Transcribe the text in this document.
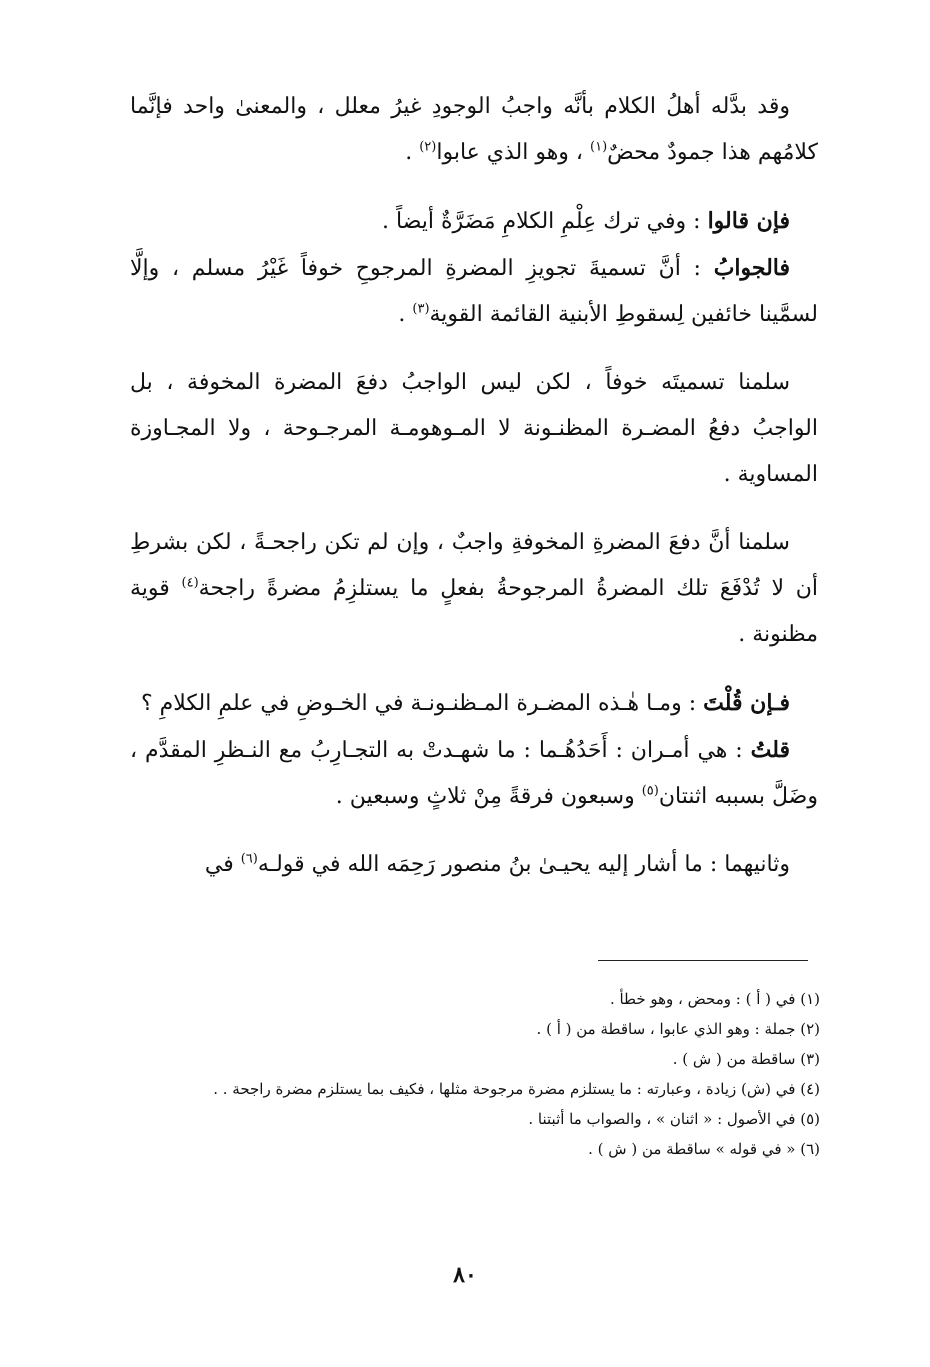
وقد بدَّله أهلُ الكلام بأنَّه واجبُ الوجودِ غيرُ معلل ، والمعنىٰ واحد فإنَّما كلامُهم هذا جمودٌ محضٌ$^{(١)}$ ، وهو الذي عابوا$^{(٢)}$ .

فإن قالوا : وفي ترك عِلْمِ الكلامِ مَضَرَّةٌ أيضاً .

فالجوابُ : أنَّ تسميةَ تجويزِ المضرةِ المرجوحِ خوفاً غَيْرُ مسلم ، وإلَّا لسمَّينا خائفين لِسقوطِ الأبنية القائمة القوية$^{(٣)}$ .

سلمنا تسميتَه خوفاً ، لكن ليس الواجبُ دفعَ المضرة المخوفة ، بل الواجبُ دفعُ المضـرة المظنـونة لا المـوهومـة المرجـوحة ، ولا المجـاوزة المساوية .

سلمنا أنَّ دفعَ المضرةِ المخوفةِ واجبٌ ، وإن لم تكن راجحـةً ، لكن بشرطِ أن لا تُدْفَعَ تلك المضرةُ المرجوحةُ بفعلٍ ما يستلزِمُ مضرةً راجحة$^{(٤)}$ قوية مظنونة .

فـإن قُلْتَ : ومـا هٰـذه المضـرة المـظنـونـة في الخـوضِ في علمِ الكلامِ ؟

قلتُ : هي أمـران : أَحَدُهُـما : ما شهـدتْ به التجـارِبُ مع النـظرِ المقدَّم ، وضَلَّ بسببه اثنتان$^{(٥)}$ وسبعون فرقةً مِنْ ثلاثٍ وسبعين .

وثانيهما : ما أشار إليه يحيـىٰ بنُ منصور رَحِمَه الله في قولـه$^{(٦)}$ في

(١) في ( أ ) : ومحض ، وهو خطأ .

(٢) جملة : وهو الذي عابوا ، ساقطة من ( أ ) .

(٣) ساقطة من ( ش ) .

(٤) في (ش) زيادة ، وعبارته : ما يستلزم مضرة مرجوحة مثلها ، فكيف بما يستلزم مضرة راجحة . .

(٥) في الأصول : « اثنان » ، والصواب ما أثبتنا .

(٦) « في قوله » ساقطة من ( ش ) .

٨٠
